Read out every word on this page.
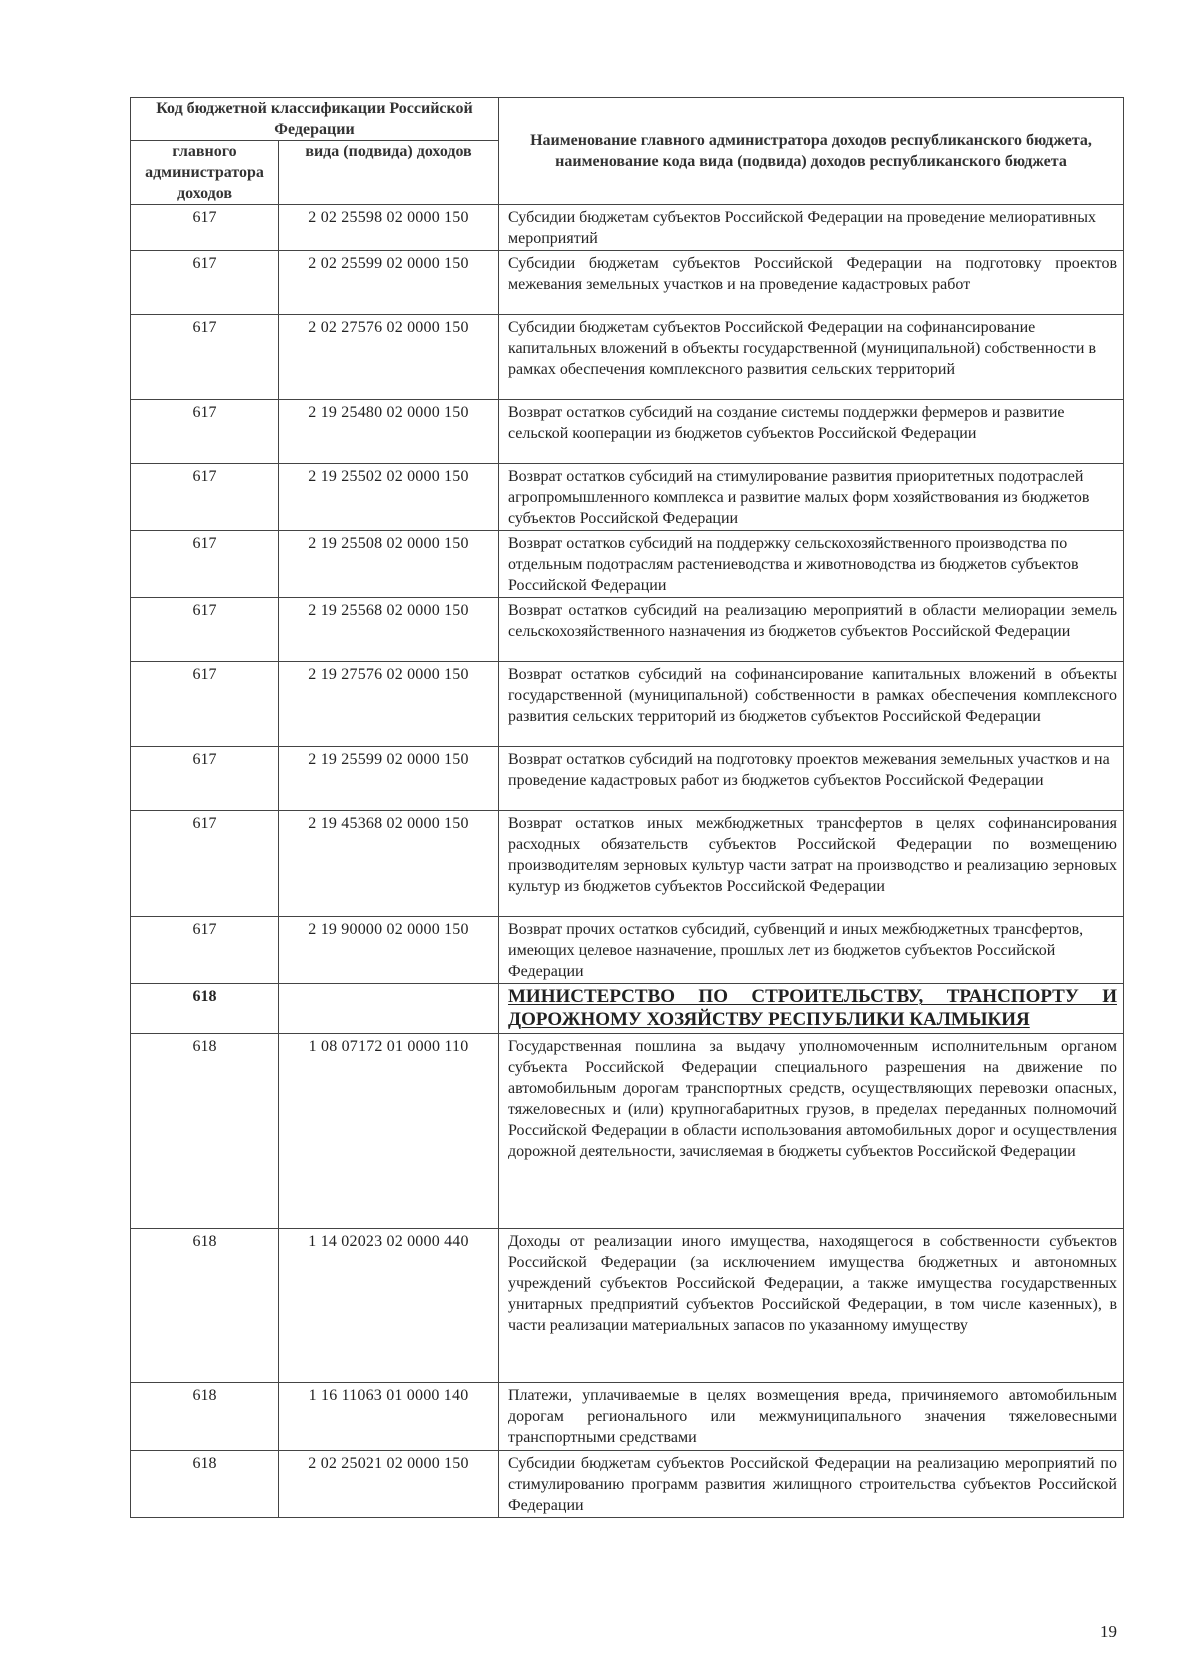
Код бюджетной классификации Российской Федерации		Наименование главного администратора доходов республиканского бюджета, наименование кода вида (подвида) доходов республиканского бюджета
главного администратора доходов	вида (подвида) доходов	
617	2 02 25598 02 0000 150	Субсидии бюджетам субъектов Российской Федерации на проведение мелиоративных мероприятий
617	2 02 25599 02 0000 150	Субсидии бюджетам субъектов Российской Федерации на подготовку проектов межевания земельных участков и на проведение кадастровых работ
617	2 02 27576 02 0000 150	Субсидии бюджетам субъектов Российской Федерации на софинансирование капитальных вложений в объекты государственной (муниципальной) собственности в рамках обеспечения комплексного развития сельских территорий
617	2 19 25480 02 0000 150	Возврат остатков субсидий на создание системы поддержки фермеров и развитие сельской кооперации из бюджетов субъектов Российской Федерации
617	2 19 25502 02 0000 150	Возврат остатков субсидий на стимулирование развития приоритетных подотраслей агропромышленного комплекса и развитие малых форм хозяйствования из бюджетов субъектов Российской Федерации
617	2 19 25508 02 0000 150	Возврат остатков субсидий на поддержку сельскохозяйственного производства по отдельным подотраслям растениеводства и животноводства из бюджетов субъектов Российской Федерации
617	2 19 25568 02 0000 150	Возврат остатков субсидий на реализацию мероприятий в области мелиорации земель сельскохозяйственного назначения из бюджетов субъектов Российской Федерации
617	2 19 27576 02 0000 150	Возврат остатков субсидий на софинансирование капитальных вложений в объекты государственной (муниципальной) собственности в рамках обеспечения комплексного развития сельских территорий из бюджетов субъектов Российской Федерации
617	2 19 25599 02 0000 150	Возврат остатков субсидий на подготовку проектов межевания земельных участков и на проведение кадастровых работ из бюджетов субъектов Российской Федерации
617	2 19 45368 02 0000 150	Возврат остатков иных межбюджетных трансфертов в целях софинансирования расходных обязательств субъектов Российской Федерации по возмещению производителям зерновых культур части затрат на производство и реализацию зерновых культур из бюджетов субъектов Российской Федерации
617	2 19 90000 02 0000 150	Возврат прочих остатков субсидий, субвенций и иных межбюджетных трансфертов, имеющих целевое назначение, прошлых лет из бюджетов субъектов Российской Федерации
618		МИНИСТЕРСТВО ПО СТРОИТЕЛЬСТВУ, ТРАНСПОРТУ И ДОРОЖНОМУ ХОЗЯЙСТВУ РЕСПУБЛИКИ КАЛМЫКИЯ
618	1 08 07172 01 0000 110	Государственная пошлина за выдачу уполномоченным исполнительным органом субъекта Российской Федерации специального разрешения на движение по автомобильным дорогам транспортных средств, осуществляющих перевозки опасных, тяжеловесных и (или) крупногабаритных грузов, в пределах переданных полномочий Российской Федерации в области использования автомобильных дорог и осуществления дорожной деятельности, зачисляемая в бюджеты субъектов Российской Федерации
618	1 14 02023 02 0000 440	Доходы от реализации иного имущества, находящегося в собственности субъектов Российской Федерации (за исключением имущества бюджетных и автономных учреждений субъектов Российской Федерации, а также имущества государственных унитарных предприятий субъектов Российской Федерации, в том числе казенных), в части реализации материальных запасов по указанному имуществу
618	1 16 11063 01 0000 140	Платежи, уплачиваемые в целях возмещения вреда, причиняемого автомобильным дорогам регионального или межмуниципального значения тяжеловесными транспортными средствами
618	2 02 25021 02 0000 150	Субсидии бюджетам субъектов Российской Федерации на реализацию мероприятий по стимулированию программ развития жилищного строительства субъектов Российской Федерации
19
